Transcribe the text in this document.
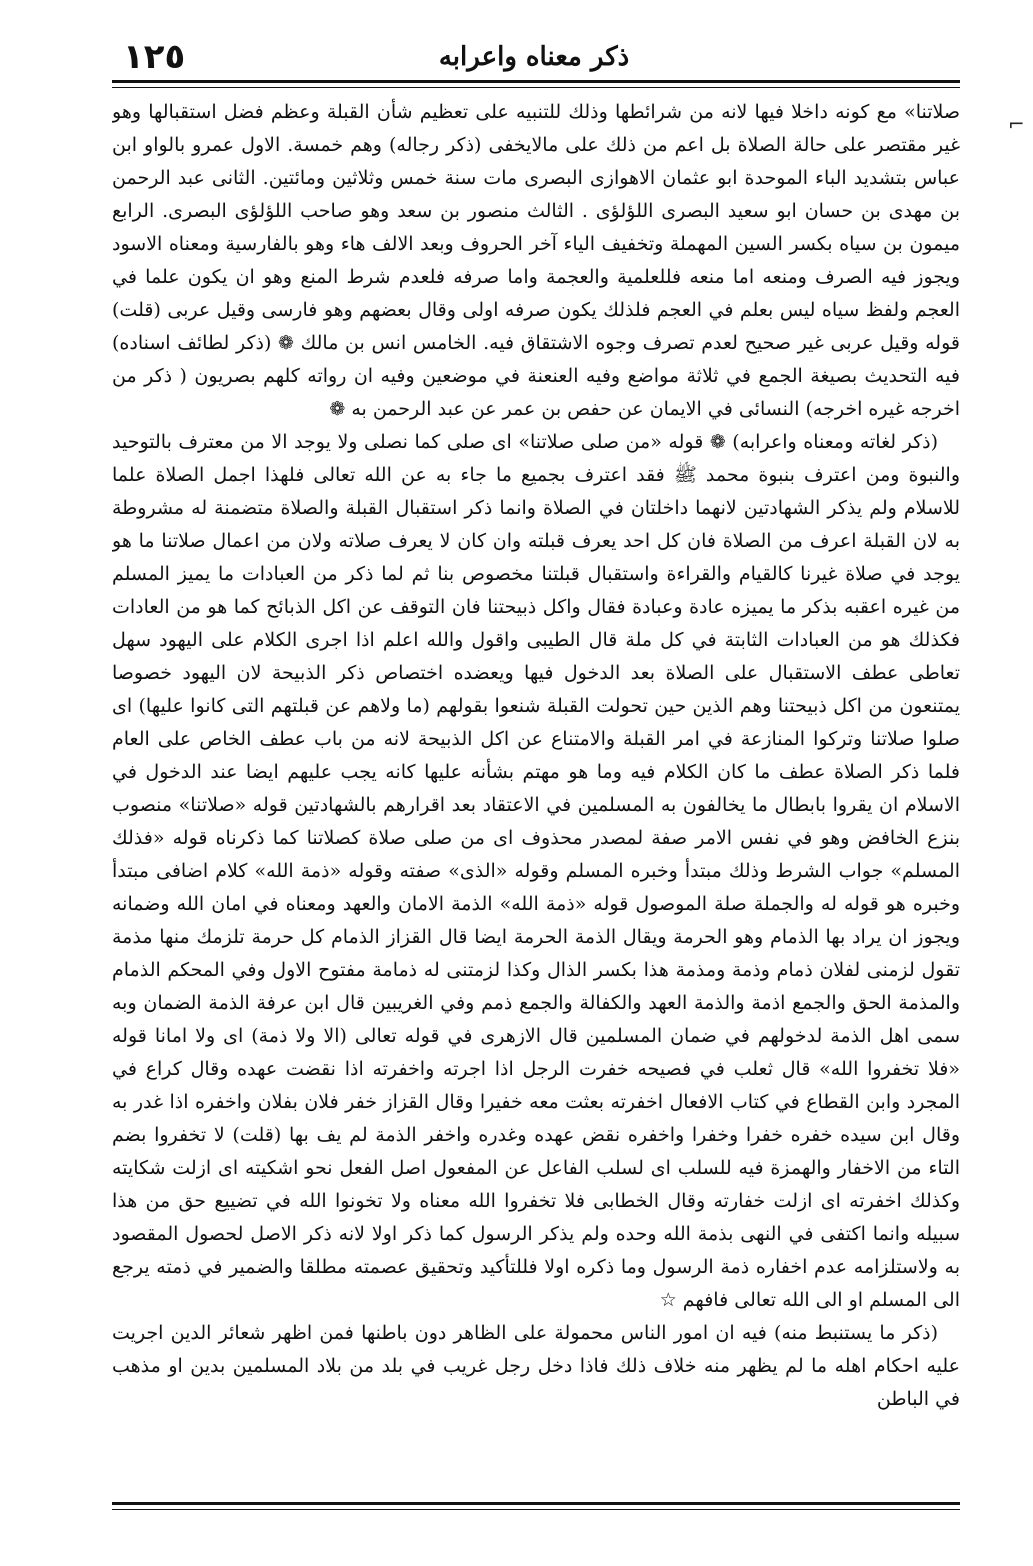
١٢٥	ذكر معناه واعرابه

صلاتنا» مع كونه داخلا فيها لانه من شرائطها وذلك للتنبيه على تعظيم شأن القبلة وعظم فضل استقبالها وهو غير مقتصر على حالة الصلاة بل اعم من ذلك على مالايخفى (ذكر رجاله) وهم خمسة. الاول عمرو بالواو ابن عباس بتشديد الباء الموحدة ابو عثمان الاهوازى البصرى مات سنة خمس وثلاثين ومائتين. الثانى عبد الرحمن بن مهدى بن حسان ابو سعيد البصرى اللؤلؤى . الثالث منصور بن سعد وهو صاحب اللؤلؤى البصرى. الرابع ميمون بن سياه بكسر السين المهملة وتخفيف الياء آخر الحروف وبعد الالف هاء وهو بالفارسية ومعناه الاسود ويجوز فيه الصرف ومنعه اما منعه فللعلمية والعجمة واما صرفه فلعدم شرط المنع وهو ان يكون علما في العجم ولفظ سياه ليس بعلم في العجم فلذلك يكون صرفه اولى وقال بعضهم وهو فارسى وقيل عربى (قلت) قوله وقيل عربى غير صحيح لعدم تصرف وجوه الاشتقاق فيه. الخامس انس بن مالك ❁ (ذكر لطائف اسناده) فيه التحديث بصيغة الجمع في ثلاثة مواضع وفيه العنعنة في موضعين وفيه ان رواته كلهم بصريون ( ذكر من اخرجه غيره اخرجه) النسائى في الايمان عن حفص بن عمر عن عبد الرحمن به ❁

(ذكر لغاته ومعناه واعرابه) ❁ قوله «من صلى صلاتنا» اى صلى كما نصلى ولا يوجد الا من معترف بالتوحيد والنبوة ومن اعترف بنبوة محمد ﷺ فقد اعترف بجميع ما جاء به عن الله تعالى فلهذا اجمل الصلاة علما للاسلام ولم يذكر الشهادتين لانهما داخلتان في الصلاة وانما ذكر استقبال القبلة والصلاة متضمنة له مشروطة به لان القبلة اعرف من الصلاة فان كل احد يعرف قبلته وان كان لا يعرف صلاته ولان من اعمال صلاتنا ما هو يوجد في صلاة غيرنا كالقيام والقراءة واستقبال قبلتنا مخصوص بنا ثم لما ذكر من العبادات ما يميز المسلم من غيره اعقبه بذكر ما يميزه عادة وعبادة فقال واكل ذبيحتنا فان التوقف عن اكل الذبائح كما هو من العادات فكذلك هو من العبادات الثابتة في كل ملة قال الطيبى واقول والله اعلم اذا اجرى الكلام على اليهود سهل تعاطى عطف الاستقبال على الصلاة بعد الدخول فيها ويعضده اختصاص ذكر الذبيحة لان اليهود خصوصا يمتنعون من اكل ذبيحتنا وهم الذين حين تحولت القبلة شنعوا بقولهم (ما ولاهم عن قبلتهم التى كانوا عليها) اى صلوا صلاتنا وتركوا المنازعة في امر القبلة والامتناع عن اكل الذبيحة لانه من باب عطف الخاص على العام فلما ذكر الصلاة عطف ما كان الكلام فيه وما هو مهتم بشأنه عليها كانه يجب عليهم ايضا عند الدخول في الاسلام ان يقروا بابطال ما يخالفون به المسلمين في الاعتقاد بعد اقرارهم بالشهادتين قوله «صلاتنا» منصوب بنزع الخافض وهو في نفس الامر صفة لمصدر محذوف اى من صلى صلاة كصلاتنا كما ذكرناه قوله «فذلك المسلم» جواب الشرط وذلك مبتدأ وخبره المسلم وقوله «الذى» صفته وقوله «ذمة الله» كلام اضافى مبتدأ وخبره هو قوله له والجملة صلة الموصول قوله «ذمة الله» الذمة الامان والعهد ومعناه في امان الله وضمانه ويجوز ان يراد بها الذمام وهو الحرمة ويقال الذمة الحرمة ايضا قال القزاز الذمام كل حرمة تلزمك منها مذمة تقول لزمنى لفلان ذمام وذمة ومذمة هذا بكسر الذال وكذا لزمتنى له ذمامة مفتوح الاول وفي المحكم الذمام والمذمة الحق والجمع اذمة والذمة العهد والكفالة والجمع ذمم وفي الغريبين قال ابن عرفة الذمة الضمان وبه سمى اهل الذمة لدخولهم في ضمان المسلمين قال الازهرى في قوله تعالى (الا ولا ذمة) اى ولا امانا قوله «فلا تخفروا الله» قال ثعلب في فصيحه خفرت الرجل اذا اجرته واخفرته اذا نقضت عهده وقال كراع في المجرد وابن القطاع في كتاب الافعال اخفرته بعثت معه خفيرا وقال القزاز خفر فلان بفلان واخفره اذا غدر به وقال ابن سيده خفره خفرا وخفرا واخفره نقض عهده وغدره واخفر الذمة لم يف بها (قلت) لا تخفروا بضم التاء من الاخفار والهمزة فيه للسلب اى لسلب الفاعل عن المفعول اصل الفعل نحو اشكيته اى ازلت شكايته وكذلك اخفرته اى ازلت خفارته وقال الخطابى فلا تخفروا الله معناه ولا تخونوا الله في تضييع حق من هذا سبيله وانما اكتفى في النهى بذمة الله وحده ولم يذكر الرسول كما ذكر اولا لانه ذكر الاصل لحصول المقصود به ولاستلزامه عدم اخفاره ذمة الرسول وما ذكره اولا فللتأكيد وتحقيق عصمته مطلقا والضمير في ذمته يرجع الى المسلم او الى الله تعالى فافهم ☆

(ذكر ما يستنبط منه) فيه ان امور الناس محمولة على الظاهر دون باطنها فمن اظهر شعائر الدين اجريت عليه احكام اهله ما لم يظهر منه خلاف ذلك فاذا دخل رجل غريب في بلد من بلاد المسلمين بدين او مذهب في الباطن

⌐
